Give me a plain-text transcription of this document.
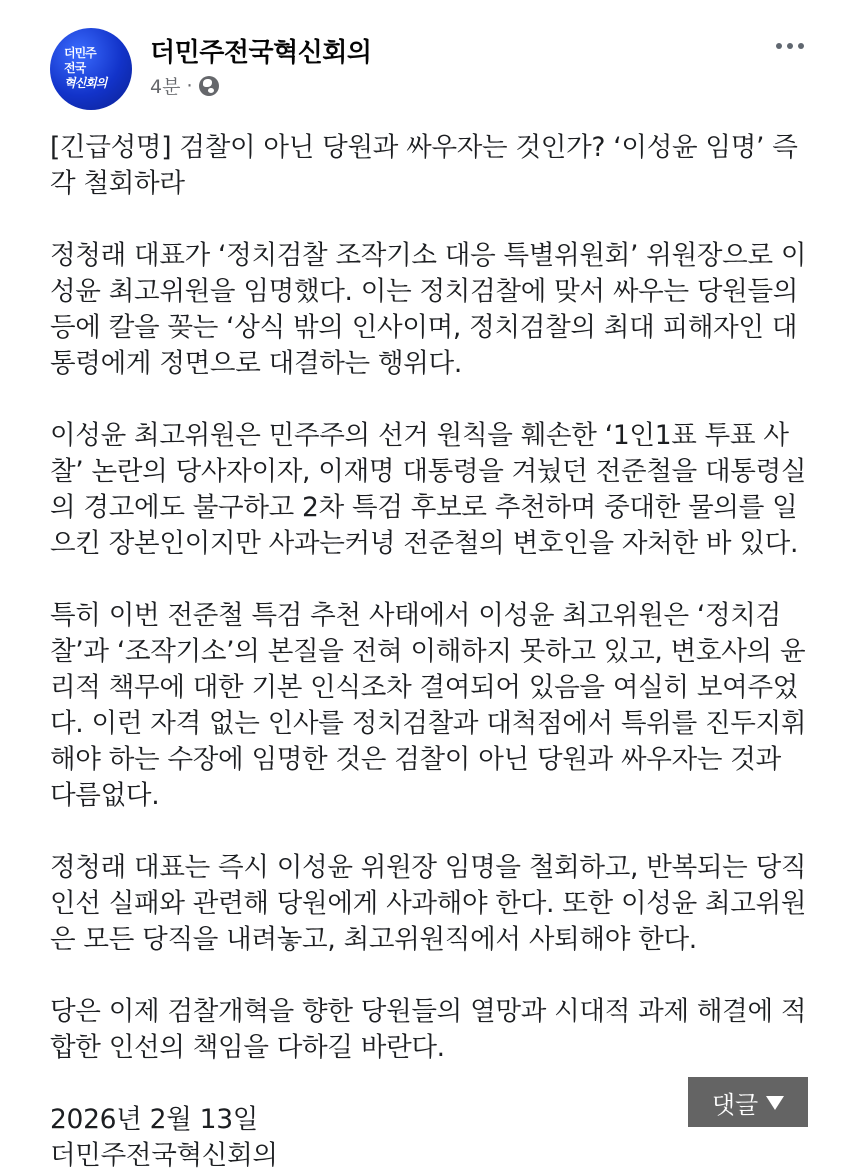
더민주
전국
혁신회의
더민주전국혁신회의
4분 ·

[긴급성명] 검찰이 아닌 당원과 싸우자는 것인가? ‘이성윤 임명’ 즉각 철회하라

정청래 대표가 ‘정치검찰 조작기소 대응 특별위원회’ 위원장으로 이성윤 최고위원을 임명했다. 이는 정치검찰에 맞서 싸우는 당원들의 등에 칼을 꽂는 ‘상식 밖의 인사이며, 정치검찰의 최대 피해자인 대통령에게 정면으로 대결하는 행위다.

이성윤 최고위원은 민주주의 선거 원칙을 훼손한 ‘1인1표 투표 사찰’ 논란의 당사자이자, 이재명 대통령을 겨눴던 전준철을 대통령실의 경고에도 불구하고 2차 특검 후보로 추천하며 중대한 물의를 일으킨 장본인이지만 사과는커녕 전준철의 변호인을 자처한 바 있다.

특히 이번 전준철 특검 추천 사태에서 이성윤 최고위원은 ‘정치검찰’과 ‘조작기소’의 본질을 전혀 이해하지 못하고 있고, 변호사의 윤리적 책무에 대한 기본 인식조차 결여되어 있음을 여실히 보여주었다. 이런 자격 없는 인사를 정치검찰과 대척점에서 특위를 진두지휘해야 하는 수장에 임명한 것은 검찰이 아닌 당원과 싸우자는 것과 다름없다.

정청래 대표는 즉시 이성윤 위원장 임명을 철회하고, 반복되는 당직 인선 실패와 관련해 당원에게 사과해야 한다. 또한 이성윤 최고위원은 모든 당직을 내려놓고, 최고위원직에서 사퇴해야 한다.

당은 이제 검찰개혁을 향한 당원들의 열망과 시대적 과제 해결에 적합한 인선의 책임을 다하길 바란다.

2026년 2월 13일

더민주전국혁신회의

댓글
